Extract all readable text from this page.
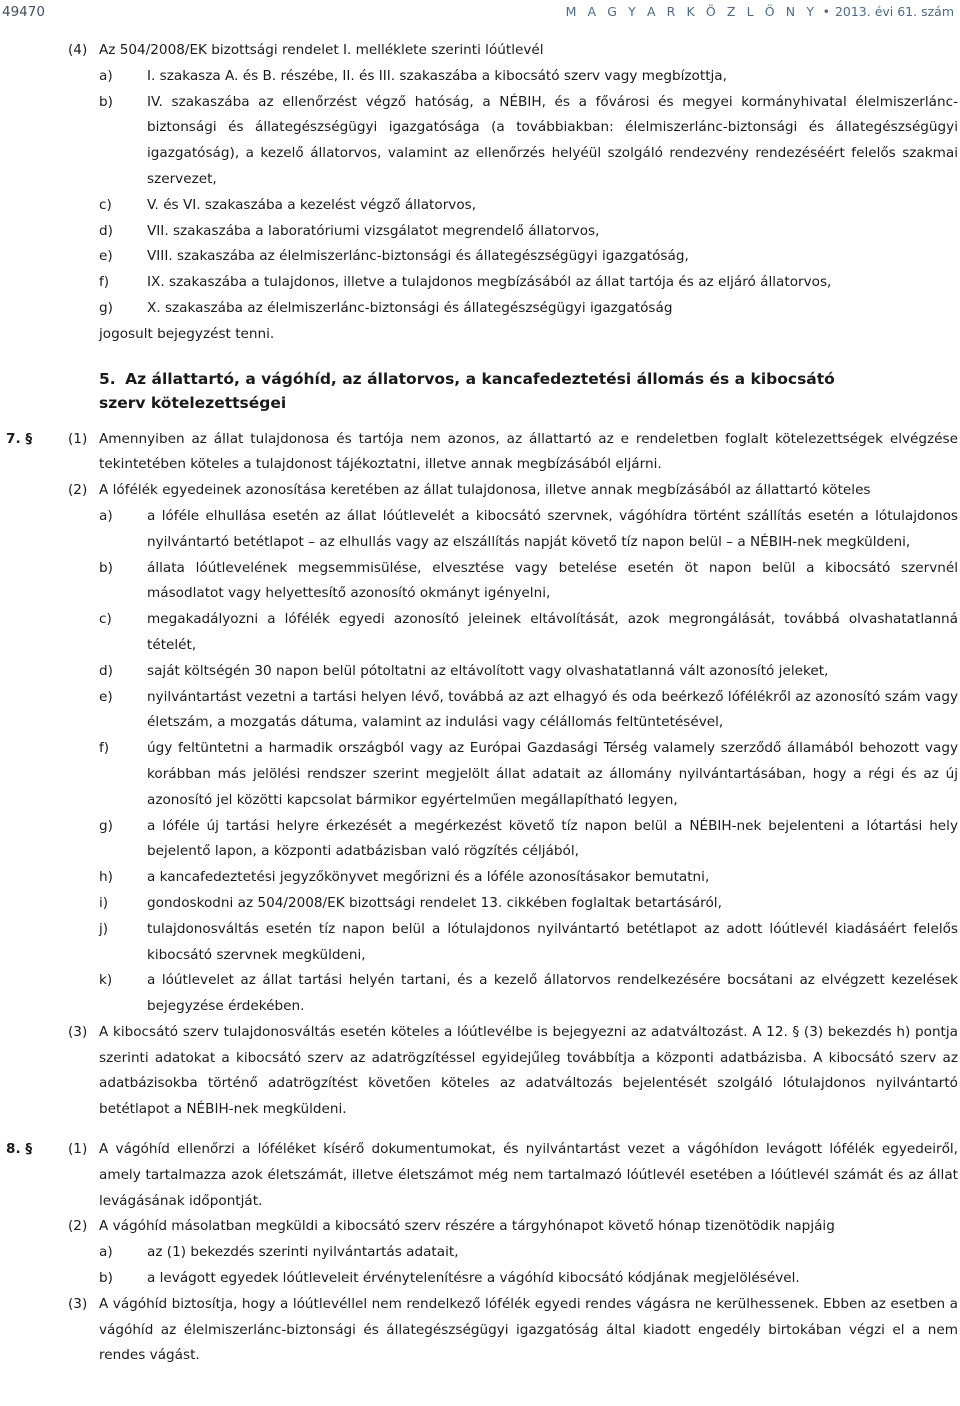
49470	M A G Y A R K Ö Z L Ö N Y • 2013. évi 61. szám
(4) Az 504/2008/EK bizottsági rendelet I. melléklete szerinti lóútlevél
a)	I. szakasza A. és B. részébe, II. és III. szakaszába a kibocsátó szerv vagy megbízottja,
b)	IV. szakaszába az ellenőrzést végző hatóság, a NÉBIH, és a fővárosi és megyei kormányhivatal élelmiszerlánc-biztonsági és állategészségügyi igazgatósága (a továbbiakban: élelmiszerlánc-biztonsági és állategészségügyi igazgatóság), a kezelő állatorvos, valamint az ellenőrzés helyéül szolgáló rendezvény rendezéséért felelős szakmai szervezet,
c)	V. és VI. szakaszába a kezelést végző állatorvos,
d)	VII. szakaszába a laboratóriumi vizsgálatot megrendelő állatorvos,
e)	VIII. szakaszába az élelmiszerlánc-biztonsági és állategészségügyi igazgatóság,
f)	IX. szakaszába a tulajdonos, illetve a tulajdonos megbízásából az állat tartója és az eljáró állatorvos,
g)	X. szakaszába az élelmiszerlánc-biztonsági és állategészségügyi igazgatóság
jogosult bejegyzést tenni.
5. Az állattartó, a vágóhíd, az állatorvos, a kancafedeztetési állomás és a kibocsátó szerv kötelezettségei
7. §	(1) Amennyiben az állat tulajdonosa és tartója nem azonos, az állattartó az e rendeletben foglalt kötelezettségek elvégzése tekintetében köteles a tulajdonost tájékoztatni, illetve annak megbízásából eljárni.
(2) A lófélék egyedeinek azonosítása keretében az állat tulajdonosa, illetve annak megbízásából az állattartó köteles
a)	a lóféle elhullása esetén az állat lóútlevelét a kibocsátó szervnek, vágóhídra történt szállítás esetén a lótulajdonos nyilvántartó betétlapot – az elhullás vagy az elszállítás napját követő tíz napon belül – a NÉBIH-nek megküldeni,
b)	állata lóútlevelének megsemmisülése, elvesztése vagy betelése esetén öt napon belül a kibocsátó szervnél másodlatot vagy helyettesítő azonosító okmányt igényelni,
c)	megakadályozni a lófélék egyedi azonosító jeleinek eltávolítását, azok megrongálását, továbbá olvashatatlanná tételét,
d)	saját költségén 30 napon belül pótoltatni az eltávolított vagy olvashatatlanná vált azonosító jeleket,
e)	nyilvántartást vezetni a tartási helyen lévő, továbbá az azt elhagyó és oda beérkező lófélékről az azonosító szám vagy életszám, a mozgatás dátuma, valamint az indulási vagy célállomás feltüntetésével,
f)	úgy feltüntetni a harmadik országból vagy az Európai Gazdasági Térség valamely szerződő államából behozott vagy korábban más jelölési rendszer szerint megjelölt állat adatait az állomány nyilvántartásában, hogy a régi és az új azonosító jel közötti kapcsolat bármikor egyértelműen megállapítható legyen,
g)	a lóféle új tartási helyre érkezését a megérkezést követő tíz napon belül a NÉBIH-nek bejelenteni a lótartási hely bejelentő lapon, a központi adatbázisban való rögzítés céljából,
h)	a kancafedeztetési jegyzőkönyvet megőrizni és a lóféle azonosításakor bemutatni,
i)	gondoskodni az 504/2008/EK bizottsági rendelet 13. cikkében foglaltak betartásáról,
j)	tulajdonosváltás esetén tíz napon belül a lótulajdonos nyilvántartó betétlapot az adott lóútlevél kiadásáért felelős kibocsátó szervnek megküldeni,
k)	a lóútlevelet az állat tartási helyén tartani, és a kezelő állatorvos rendelkezésére bocsátani az elvégzett kezelések bejegyzése érdekében.
(3) A kibocsátó szerv tulajdonosváltás esetén köteles a lóútlevélbe is bejegyezni az adatváltozást. A 12. § (3) bekezdés h) pontja szerinti adatokat a kibocsátó szerv az adatrögzítéssel egyidejűleg továbbítja a központi adatbázisba. A kibocsátó szerv az adatbázisokba történő adatrögzítést követően köteles az adatváltozás bejelentését szolgáló lótulajdonos nyilvántartó betétlapot a NÉBIH-nek megküldeni.
8. §	(1) A vágóhíd ellenőrzi a lóféléket kísérő dokumentumokat, és nyilvántartást vezet a vágóhídon levágott lófélék egyedeiről, amely tartalmazza azok életszámát, illetve életszámot még nem tartalmazó lóútlevél esetében a lóútlevél számát és az állat levágásának időpontját.
(2) A vágóhíd másolatban megküldi a kibocsátó szerv részére a tárgyhónapot követő hónap tizenötödik napjáig
a)	az (1) bekezdés szerinti nyilvántartás adatait,
b)	a levágott egyedek lóútleveleit érvénytelenítésre a vágóhíd kibocsátó kódjának megjelölésével.
(3) A vágóhíd biztosítja, hogy a lóútlevéllel nem rendelkező lófélék egyedi rendes vágásra ne kerülhessenek. Ebben az esetben a vágóhíd az élelmiszerlánc-biztonsági és állategészségügyi igazgatóság által kiadott engedély birtokában végzi el a nem rendes vágást.
